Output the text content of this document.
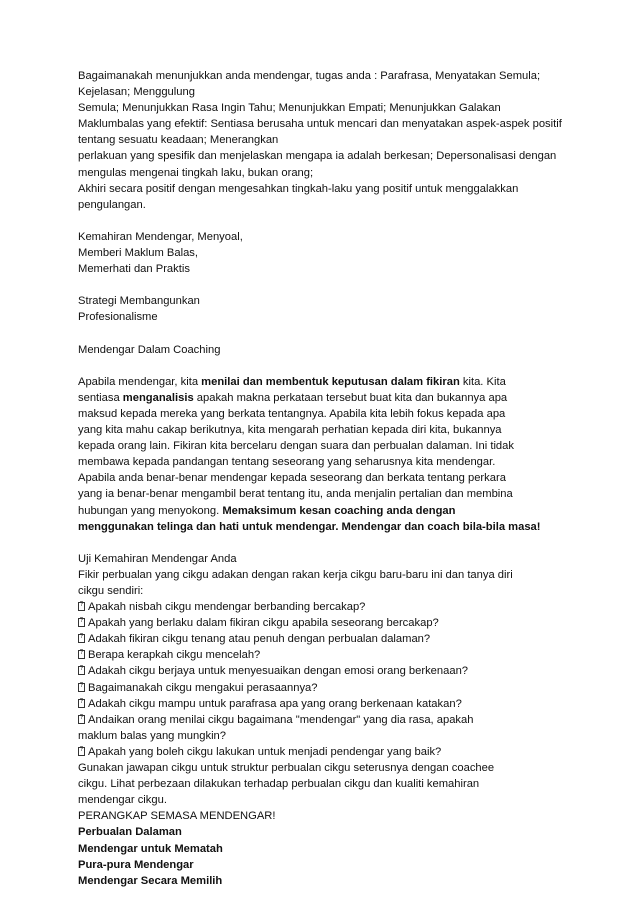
Bagaimanakah menunjukkan anda mendengar, tugas anda : Parafrasa, Menyatakan Semula;
Kejelasan; Menggulung
Semula; Menunjukkan Rasa Ingin Tahu; Menunjukkan Empati; Menunjukkan Galakan
Maklumbalas yang efektif: Sentiasa berusaha untuk mencari dan menyatakan aspek-aspek positif
tentang sesuatu keadaan; Menerangkan
perlakuan yang spesifik dan menjelaskan mengapa ia adalah berkesan; Depersonalisasi dengan
mengulas mengenai tingkah laku, bukan orang;
Akhiri secara positif dengan mengesahkan tingkah-laku yang positif untuk menggalakkan
pengulangan.
Kemahiran Mendengar, Menyoal,
Memberi Maklum Balas,
Memerhati dan Praktis
Strategi Membangunkan
Profesionalisme
Mendengar Dalam Coaching
Apabila mendengar, kita menilai dan membentuk keputusan dalam fikiran kita. Kita
sentiasa menganalisis apakah makna perkataan tersebut buat kita dan bukannya apa
maksud kepada mereka yang berkata tentangnya. Apabila kita lebih fokus kepada apa
yang kita mahu cakap berikutnya, kita mengarah perhatian kepada diri kita, bukannya
kepada orang lain. Fikiran kita bercelaru dengan suara dan perbualan dalaman. Ini tidak
membawa kepada pandangan tentang seseorang yang seharusnya kita mendengar.
Apabila anda benar-benar mendengar kepada seseorang dan berkata tentang perkara
yang ia benar-benar mengambil berat tentang itu, anda menjalin pertalian dan membina
hubungan yang menyokong. Memaksimum kesan coaching anda dengan
menggunakan telinga dan hati untuk mendengar. Mendengar dan coach bila-bila masa!
Uji Kemahiran Mendengar Anda
Fikir perbualan yang cikgu adakan dengan rakan kerja cikgu baru-baru ini dan tanya diri
cikgu sendiri:
?Apakah nisbah cikgu mendengar berbanding bercakap?
?Apakah yang berlaku dalam fikiran cikgu apabila seseorang bercakap?
?Adakah fikiran cikgu tenang atau penuh dengan perbualan dalaman?
?Berapa kerapkah cikgu mencelah?
?Adakah cikgu berjaya untuk menyesuaikan dengan emosi orang berkenaan?
?Bagaimanakah cikgu mengakui perasaannya?
?Adakah cikgu mampu untuk parafrasa apa yang orang berkenaan katakan?
?Andaikan orang menilai cikgu bagaimana "mendengar" yang dia rasa, apakah
maklum balas yang mungkin?
?Apakah yang boleh cikgu lakukan untuk menjadi pendengar yang baik?
Gunakan jawapan cikgu untuk struktur perbualan cikgu seterusnya dengan coachee
cikgu. Lihat perbezaan dilakukan terhadap perbualan cikgu dan kualiti kemahiran
mendengar cikgu.
PERANGKAP SEMASA MENDENGAR!
Perbualan Dalaman
Mendengar untuk Mematah
Pura-pura Mendengar
Mendengar Secara Memilih
